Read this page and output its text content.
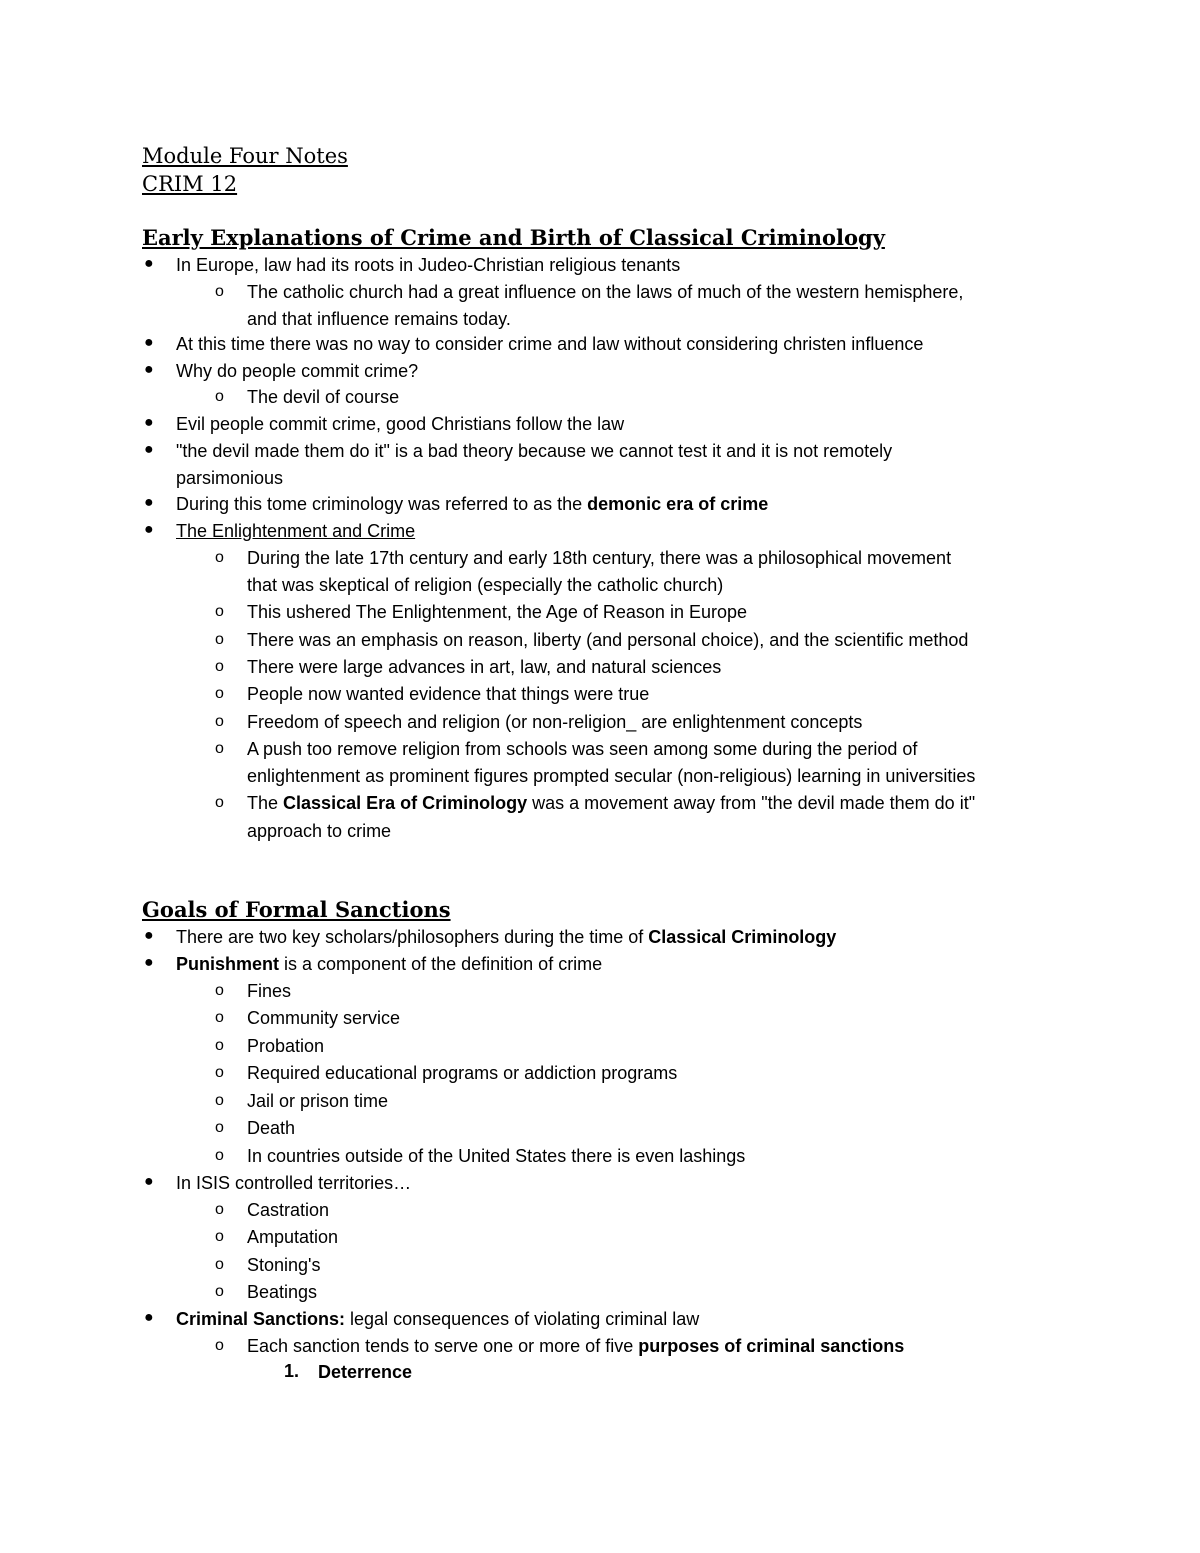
Module Four Notes
CRIM 12
Early Explanations of Crime and Birth of Classical Criminology
● In Europe, law had its roots in Judeo-Christian religious tenants
o The catholic church had a great influence on the laws of much of the western hemisphere,
and that influence remains today.
● At this time there was no way to consider crime and law without considering christen influence
● Why do people commit crime?
o The devil of course
● Evil people commit crime, good Christians follow the law
● "the devil made them do it" is a bad theory because we cannot test it and it is not remotely
parsimonious
● During this tome criminology was referred to as the demonic era of crime
● The Enlightenment and Crime
o During the late 17th century and early 18th century, there was a philosophical movement
that was skeptical of religion (especially the catholic church)
o This ushered The Enlightenment, the Age of Reason in Europe
o There was an emphasis on reason, liberty (and personal choice), and the scientific method
o There were large advances in art, law, and natural sciences
o People now wanted evidence that things were true
o Freedom of speech and religion (or non-religion_ are enlightenment concepts
o A push too remove religion from schools was seen among some during the period of
enlightenment as prominent figures prompted secular (non-religious) learning in universities
o The Classical Era of Criminology was a movement away from "the devil made them do it"
approach to crime
Goals of Formal Sanctions
● There are two key scholars/philosophers during the time of Classical Criminology
● Punishment is a component of the definition of crime
o Fines
o Community service
o Probation
o Required educational programs or addiction programs
o Jail or prison time
o Death
o In countries outside of the United States there is even lashings
● In ISIS controlled territories…
o Castration
o Amputation
o Stoning's
o Beatings
● Criminal Sanctions: legal consequences of violating criminal law
o Each sanction tends to serve one or more of five purposes of criminal sanctions
1. Deterrence
